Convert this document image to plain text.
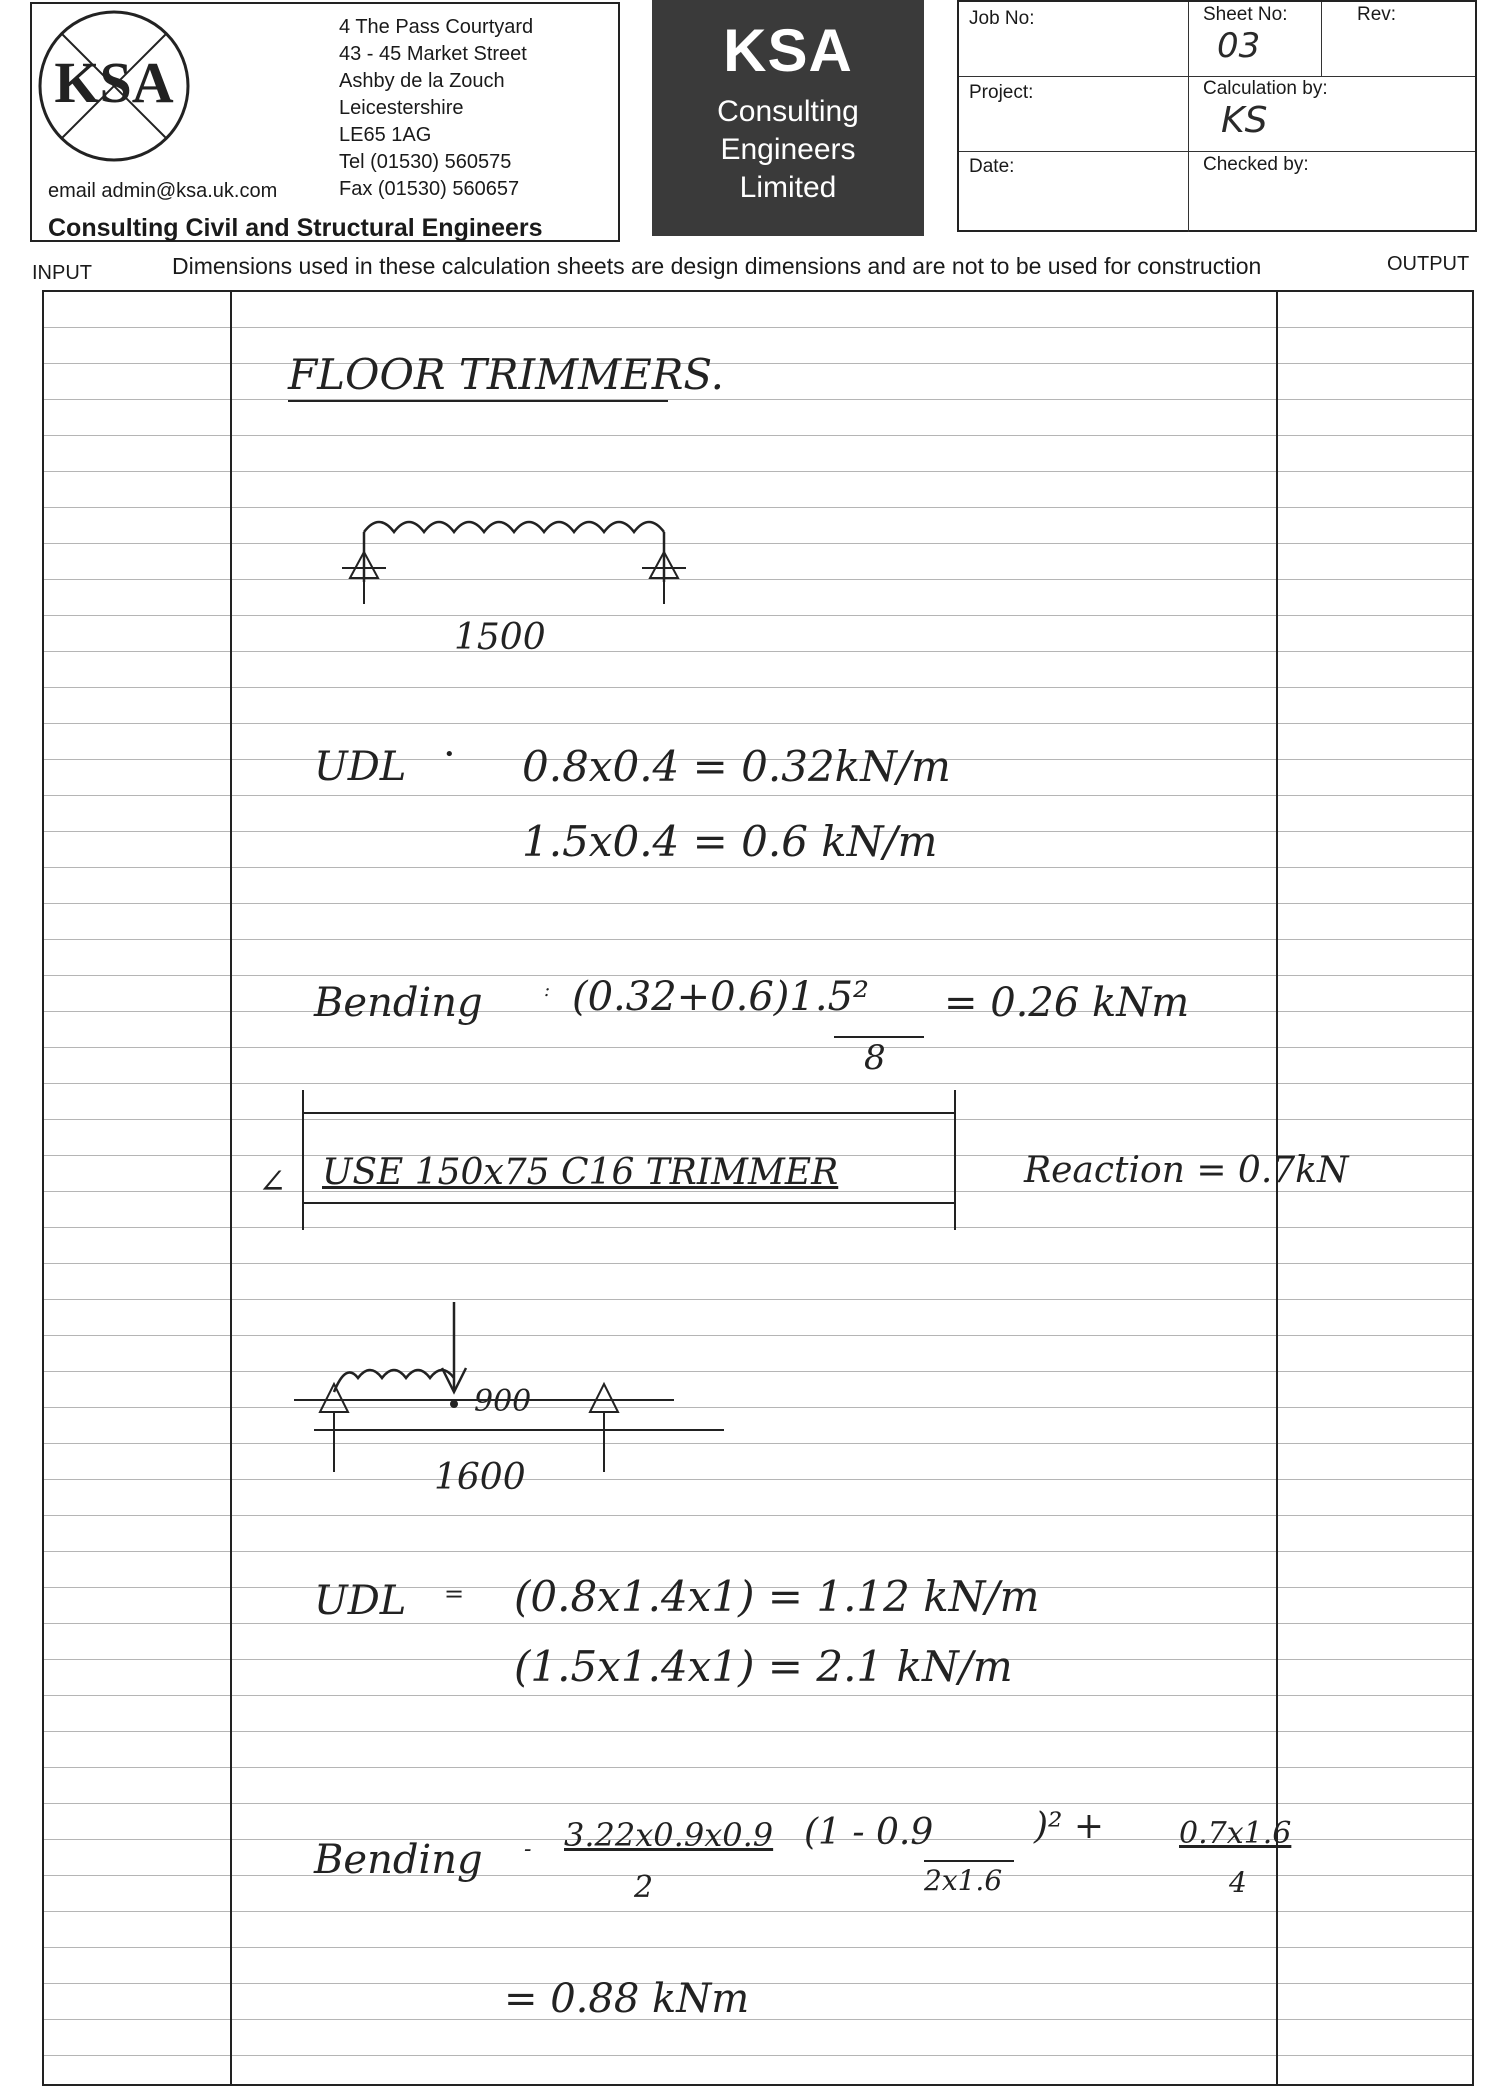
KSA
4 The Pass Courtyard
43 - 45 Market Street
Ashby de la Zouch
Leicestershire
LE65 1AG
Tel (01530) 560575
email admin@ksa.uk.com	Fax (01530) 560657
Consulting Civil and Structural Engineers
KSA
Consulting
Engineers
Limited
Job No:	Sheet No:
03
Rev:
Project:	Calculation by:
KS
Date:	Checked by:
INPUT	Dimensions used in these calculation sheets are design dimensions and are not to be used for construction	OUTPUT
FLOOR TRIMMERS.
1500
UDL • 0.8x0.4 = 0.32kN/m
1.5x0.4 = 0.6 kN/m
Bending	: (0.32+0.6)1.5²
8
= 0.26 kNm
∠ USE 150x75 C16 TRIMMER	Reaction = 0.7kN
900
1600
UDL = (0.8x1.4x1) = 1.12 kN/m
(1.5x1.4x1) = 2.1 kN/m
Bending - 3.22x0.9x0.9
2
(1 - 0.9
2x1.6
)² + 0.7x1.6
4
= 0.88 kNm
